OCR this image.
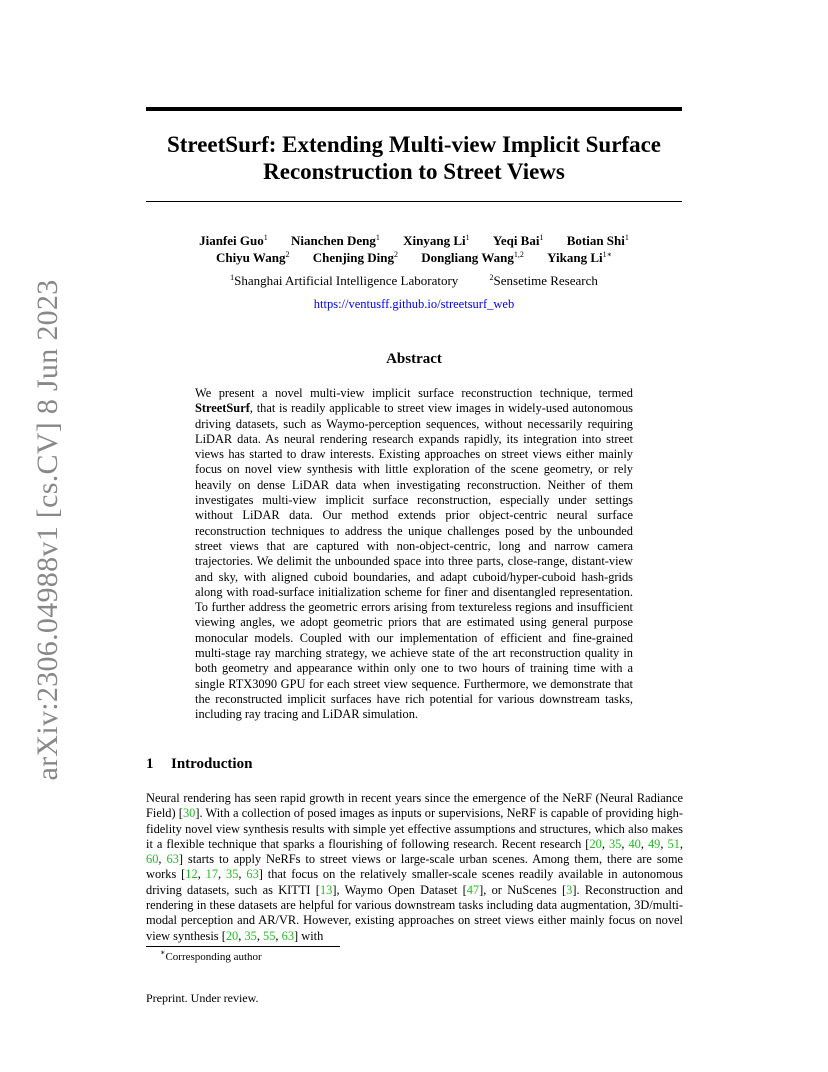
arXiv:2306.04988v1 [cs.CV] 8 Jun 2023
StreetSurf: Extending Multi-view Implicit Surface
Reconstruction to Street Views
Jianfei Guo$^1$ Nianchen Deng$^1$ Xinyang Li$^1$ Yeqi Bai$^1$ Botian Shi$^1$
Chiyu Wang$^2$ Chenjing Ding$^2$ Dongliang Wang$^{1,2}$ Yikang $Li^{1∗}$
$^1$Shanghai Artificial Intelligence Laboratory	$^2$Sensetime Research
https://ventusff.github.io/streetsurf_web
Abstract
We present a novel multi-view implicit surface reconstruction technique, termed StreetSurf, that is readily applicable to street view images in widely-used autonomous driving datasets, such as Waymo-perception sequences, without necessarily requiring LiDAR data. As neural rendering research expands rapidly, its integration into street views has started to draw interests. Existing approaches on street views either mainly focus on novel view synthesis with little exploration of the scene geometry, or rely heavily on dense LiDAR data when investigating reconstruction. Neither of them investigates multi-view implicit surface reconstruction, especially under settings without LiDAR data. Our method extends prior object-centric neural surface reconstruction techniques to address the unique challenges posed by the unbounded street views that are captured with non-object-centric, long and narrow camera trajectories. We delimit the unbounded space into three parts, close-range, distant-view and sky, with aligned cuboid boundaries, and adapt cuboid/hyper-cuboid hash-grids along with road-surface initialization scheme for finer and disentangled representation. To further address the geometric errors arising from textureless regions and insufficient viewing angles, we adopt geometric priors that are estimated using general purpose monocular models. Coupled with our implementation of efficient and fine-grained multi-stage ray marching strategy, we achieve state of the art reconstruction quality in both geometry and appearance within only one to two hours of training time with a single RTX3090 GPU for each street view sequence. Furthermore, we demonstrate that the reconstructed implicit surfaces have rich potential for various downstream tasks, including ray tracing and LiDAR simulation.
1 Introduction
Neural rendering has seen rapid growth in recent years since the emergence of the NeRF (Neural Radiance Field) [30]. With a collection of posed images as inputs or supervisions, NeRF is capable of providing high-fidelity novel view synthesis results with simple yet effective assumptions and structures, which also makes it a flexible technique that sparks a flourishing of following research. Recent research [20, 35, 40, 49, 51, 60, 63] starts to apply NeRFs to street views or large-scale urban scenes. Among them, there are some works [12, 17, 35, 63] that focus on the relatively smaller-scale scenes readily available in autonomous driving datasets, such as KITTI [13], Waymo Open Dataset [47], or NuScenes [3]. Reconstruction and rendering in these datasets are helpful for various downstream tasks including data augmentation, 3D/multi-modal perception and AR/VR. However, existing approaches on street views either mainly focus on novel view synthesis [20, 35, 55, 63] with
∗Corresponding author
Preprint. Under review.
